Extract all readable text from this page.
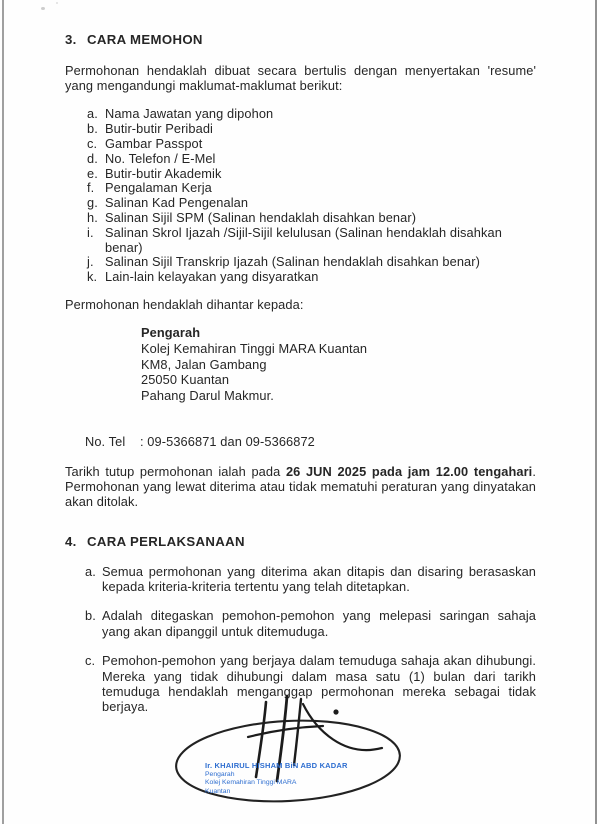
3. CARA MEMOHON

Permohonan hendaklah dibuat secara bertulis dengan menyertakan 'resume' yang mengandungi maklumat-maklumat berikut:

a. Nama Jawatan yang dipohon
b. Butir-butir Peribadi
c. Gambar Passpot
d. No. Telefon / E-Mel
e. Butir-butir Akademik
f. Pengalaman Kerja
g. Salinan Kad Pengenalan
h. Salinan Sijil SPM (Salinan hendaklah disahkan benar)
i. Salinan Skrol Ijazah /Sijil-Sijil kelulusan (Salinan hendaklah disahkan benar)
j. Salinan Sijil Transkrip Ijazah (Salinan hendaklah disahkan benar)
k. Lain-lain kelayakan yang disyaratkan

Permohonan hendaklah dihantar kepada:

Pengarah
Kolej Kemahiran Tinggi MARA Kuantan
KM8, Jalan Gambang
25050 Kuantan
Pahang Darul Makmur.
No. Tel	: 09-5366871 dan 09-5366872

Tarikh tutup permohonan ialah pada 26 JUN 2025 pada jam 12.00 tengahari. Permohonan yang lewat diterima atau tidak mematuhi peraturan yang dinyatakan akan ditolak.

4. CARA PERLAKSANAAN
a. Semua permohonan yang diterima akan ditapis dan disaring berasaskan kepada kriteria-kriteria tertentu yang telah ditetapkan.
b. Adalah ditegaskan pemohon-pemohon yang melepasi saringan sahaja yang akan dipanggil untuk ditemuduga.
c. Pemohon-pemohon yang berjaya dalam temuduga sahaja akan dihubungi. Mereka yang tidak dihubungi dalam masa satu (1) bulan dari tarikh temuduga hendaklah menganggap permohonan mereka sebagai tidak berjaya.
Ir. KHAIRUL HISHAM BiN ABD KADAR
Pengarah
Kolej Kemahiran Tinggi MARA
Kuantan
